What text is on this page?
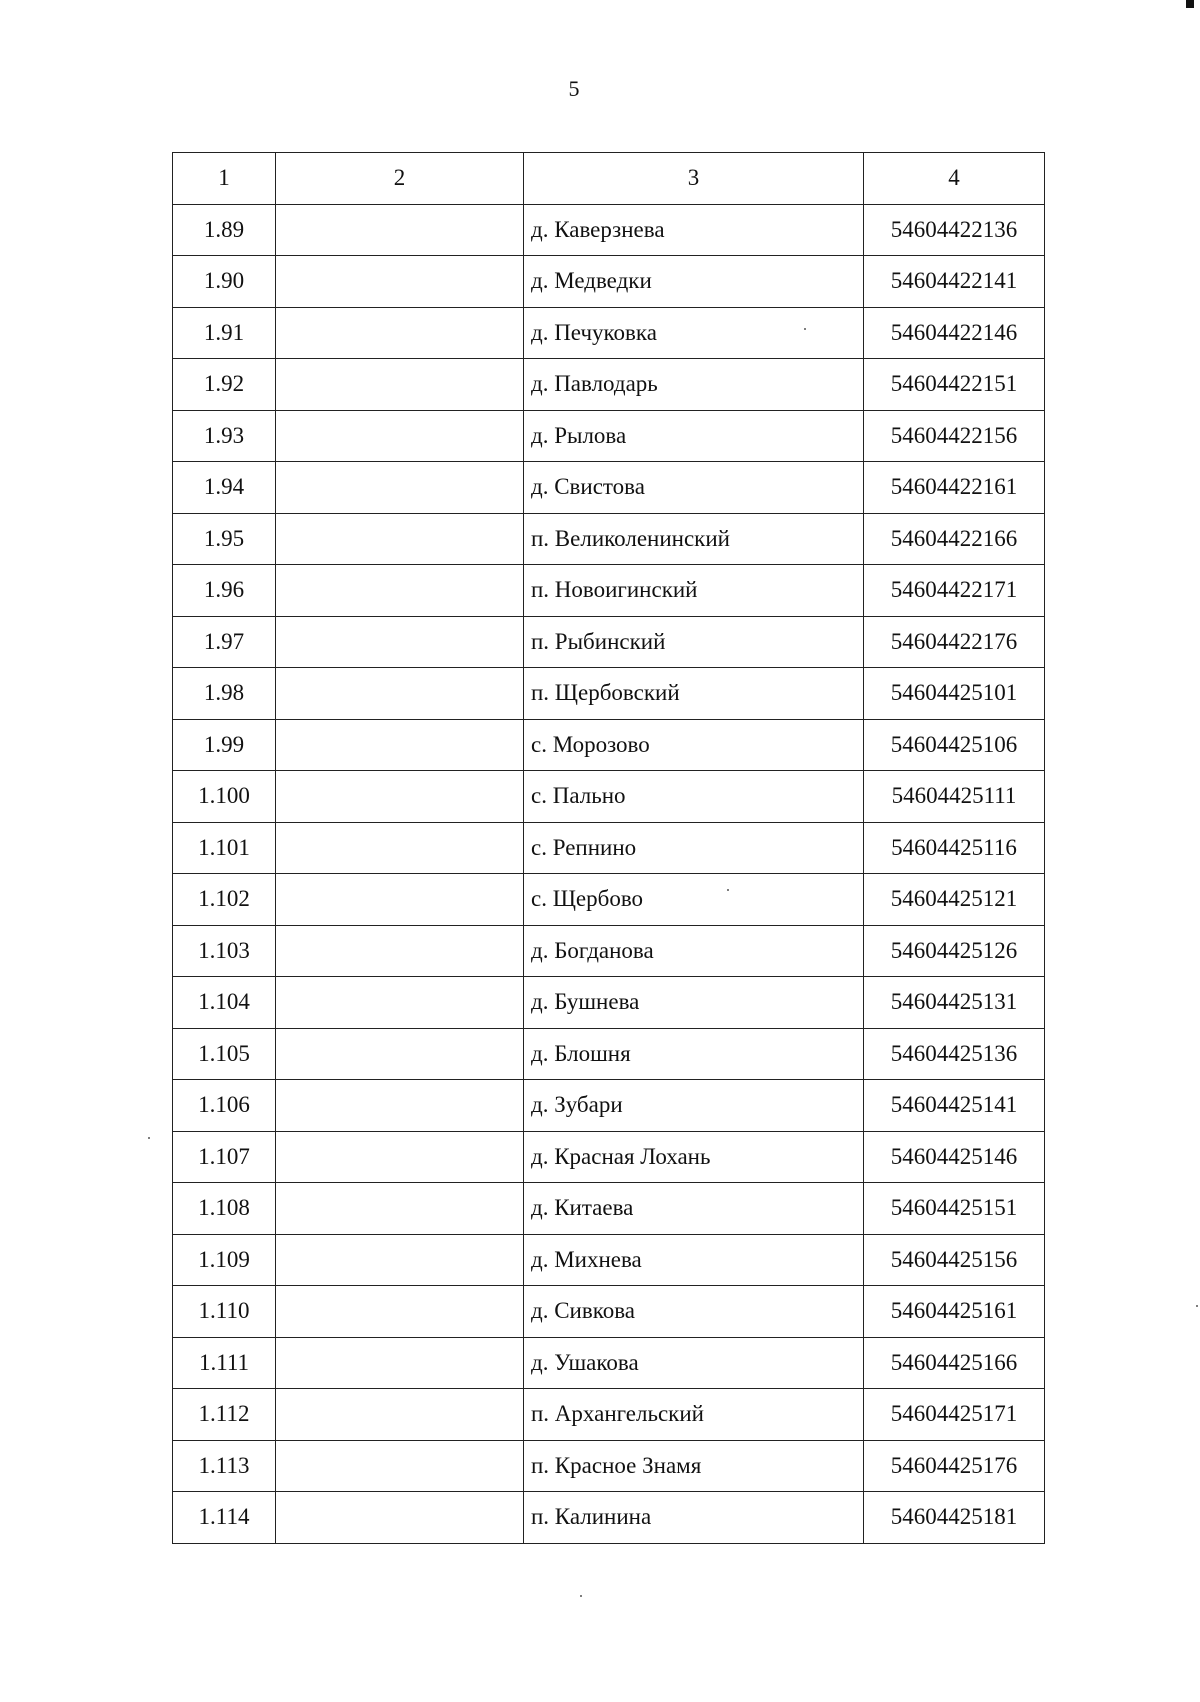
5
1	2	3	4
1.89		д. Каверзнева	54604422136
1.90		д. Медведки	54604422141
1.91		д. Печуковка	54604422146
1.92		д. Павлодарь	54604422151
1.93		д. Рылова	54604422156
1.94		д. Свистова	54604422161
1.95		п. Великоленинский	54604422166
1.96		п. Новоигинский	54604422171
1.97		п. Рыбинский	54604422176
1.98		п. Щербовский	54604425101
1.99		с. Морозово	54604425106
1.100		с. Пально	54604425111
1.101		с. Репнино	54604425116
1.102		с. Щербово	54604425121
1.103		д. Богданова	54604425126
1.104		д. Бушнева	54604425131
1.105		д. Блошня	54604425136
1.106		д. Зубари	54604425141
1.107		д. Красная Лохань	54604425146
1.108		д. Китаева	54604425151
1.109		д. Михнева	54604425156
1.110		д. Сивкова	54604425161
1.111		д. Ушакова	54604425166
1.112		п. Архангельский	54604425171
1.113		п. Красное Знамя	54604425176
1.114		п. Калинина	54604425181
